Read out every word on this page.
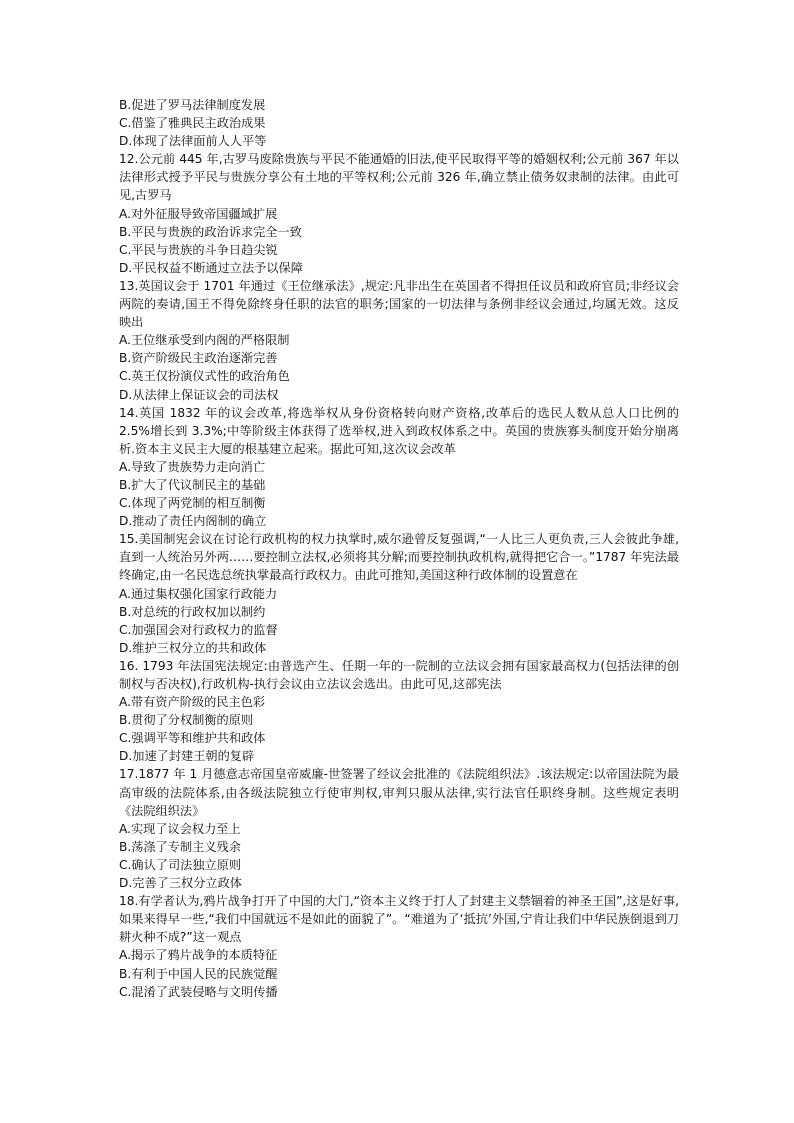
B.促进了罗马法律制度发展
C.借鉴了雅典民主政治成果
D.体现了法律面前人人平等
12.公元前 445 年,古罗马废除贵族与平民不能通婚的旧法,使平民取得平等的婚姻权利;公元前 367 年以法律形式授予平民与贵族分享公有土地的平等权利;公元前 326 年,确立禁止债务奴隶制的法律。由此可见,古罗马
A.对外征服导致帝国疆域扩展
B.平民与贵族的政治诉求完全一致
C.平民与贵族的斗争日趋尖锐
D.平民权益不断通过立法予以保障
13.英国议会于 1701 年通过《王位继承法》,规定:凡非出生在英国者不得担任议员和政府官员;非经议会两院的奏请,国王不得免除终身任职的法官的职务;国家的一切法律与条例非经议会通过,均属无效。这反映出
A.王位继承受到内阁的严格限制
B.资产阶级民主政治逐渐完善
C.英王仅扮演仪式性的政治角色
D.从法律上保证议会的司法权
14.英国 1832 年的议会改革,将选举权从身份资格转向财产资格,改革后的选民人数从总人口比例的 2.5%增长到 3.3%;中等阶级主体获得了选举权,进入到政权体系之中。英国的贵族寡头制度开始分崩离析.资本主义民主大厦的根基建立起来。据此可知,这次议会改革
A.导致了贵族势力走向消亡
B.扩大了代议制民主的基础
C.体现了两党制的相互制衡
D.推动了责任内阁制的确立
15.美国制宪会议在讨论行政机构的权力执掌时,威尔逊曾反复强调,“一人比三人更负责,三人会彼此争雄,直到一人统治另外两……要控制立法权,必须将其分解;而要控制执政机构,就得把它合一。”1787 年宪法最终确定,由一名民选总统执掌最高行政权力。由此可推知,美国这种行政体制的设置意在
A.通过集权强化国家行政能力
B.对总统的行政权加以制约
C.加强国会对行政权力的监督
D.维护三权分立的共和政体
16. 1793 年法国宪法规定:由普选产生、任期一年的一院制的立法议会拥有国家最高权力(包括法律的创制权与否决权),行政机构-执行会议由立法议会选出。由此可见,这部宪法
A.带有资产阶级的民主色彩
B.贯彻了分权制衡的原则
C.强调平等和维护共和政体
D.加速了封建王朝的复辟
17.1877 年 1 月德意志帝国皇帝威廉-世签署了经议会批准的《法院组织法》.该法规定:以帝国法院为最高审级的法院体系,由各级法院独立行使审判权,审判只服从法律,实行法官任职终身制。这些规定表明《法院组织法》
A.实现了议会权力至上
B.荡涤了专制主义残余
C.确认了司法独立原则
D.完善了三权分立政体
18.有学者认为,鸦片战争打开了中国的大门,“资本主义终于打人了封建主义禁锢着的神圣王国”,这是好事,如果来得早一些,“我们中国就远不是如此的面貌了”。“难道为了‘抵抗’外国,宁肯让我们中华民族倒退到刀耕火种不成?”这一观点
A.揭示了鸦片战争的本质特征
B.有利于中国人民的民族觉醒
C.混淆了武装侵略与文明传播
